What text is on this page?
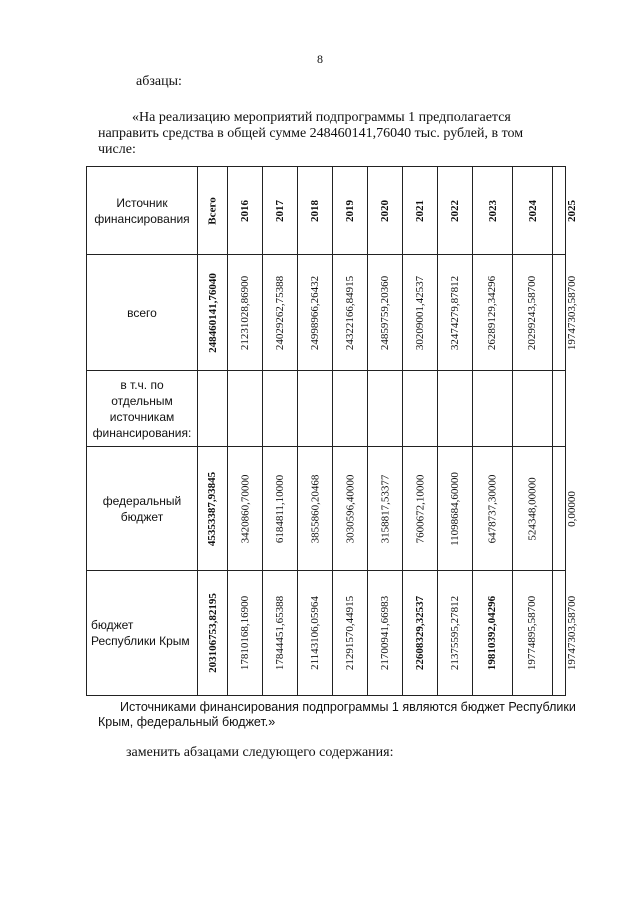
8
абзацы:
«На реализацию мероприятий подпрограммы 1 предполагается
направить средства в общей сумме 248460141,76040 тыс. рублей, в том
числе:
Источник финансирования	Всего 2016 2017 2018 2019 2020 2021 2022 2023	2024	2025
всего	248460141,76040 21231028,86900 24029262,75388 24998966,26432 24322166,84915 24859759,20360 30209001,42537 32474279,87812 26289129,34296	20299243,58700	19747303,58700
в т.ч. по отдельным источникам финансирования:
федеральный бюджет	45353387,93845 3420860,70000 6184811,10000 3855860,20468 3030596,40000 3158817,53377 7600672,10000 11098684,60000 6478737,30000	524348,00000	0,00000
бюджет Республики Крым	203106753,82195 17810168,16900 17844451,65388 21143106,05964 21291570,44915 21700941,66983 22608329,32537 21375595,27812 19810392,04296	19774895,58700	19747303,58700
Источниками финансирования подпрограммы 1 являются бюджет Республики Крым, федеральный бюджет.»
заменить абзацами следующего содержания:
